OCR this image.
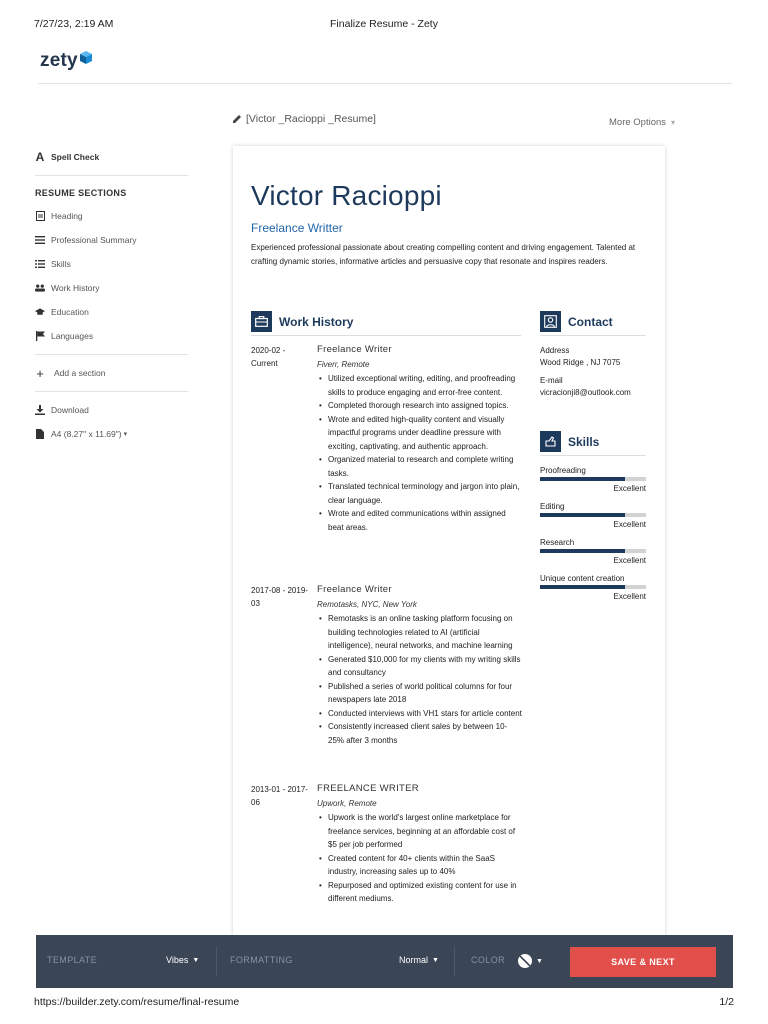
7/27/23, 2:19 AM	Finalize Resume - Zety
zety
[Victor _Racioppi _Resume]	More Options ▾
A Spell Check
RESUME SECTIONS
Heading
Professional Summary
Skills
Work History
Education
Languages
+ Add a section
Download
A4 (8.27" x 11.69") ▾
Victor Racioppi
Freelance Writter
Experienced professional passionate about creating compelling content and driving engagement. Talented at crafting dynamic stories, informative articles and persuasive copy that resonate and inspires readers.
Work History
2020-02 - Current
Freelance Writer
Fiverr, Remote
• Utilized exceptional writing, editing, and proofreading skills to produce engaging and error-free content.
• Completed thorough research into assigned topics.
• Wrote and edited high-quality content and visually impactful programs under deadline pressure with exciting, captivating, and authentic approach.
• Organized material to research and complete writing tasks.
• Translated technical terminology and jargon into plain, clear language.
• Wrote and edited communications within assigned beat areas.
2017-08 - 2019-03
Freelance Writer
Remotasks, NYC, New York
• Remotasks is an online tasking platform focusing on building technologies related to AI (artificial intelligence), neural networks, and machine learning
• Generated $10,000 for my clients with my writing skills and consultancy
• Published a series of world political columns for four newspapers late 2018
• Conducted interviews with VH1 stars for article content
• Consistently increased client sales by between 10-25% after 3 months
2013-01 - 2017-06
FREELANCE WRITER
Upwork, Remote
• Upwork is the world's largest online marketplace for freelance services, beginning at an affordable cost of $5 per job performed
• Created content for 40+ clients within the SaaS industry, increasing sales up to 40%
• Repurposed and optimized existing content for use in different mediums.
Contact
Address
Wood Ridge , NJ 7075
E-mail
vicracionji8@outlook.com
Skills
Proofreading
Excellent
Editing
Excellent
Research
Excellent
Unique content creation
Excellent
TEMPLATE	Vibes ▼	FORMATTING	Normal ▼	COLOR	▼	SAVE & NEXT
https://builder.zety.com/resume/final-resume	1/2
